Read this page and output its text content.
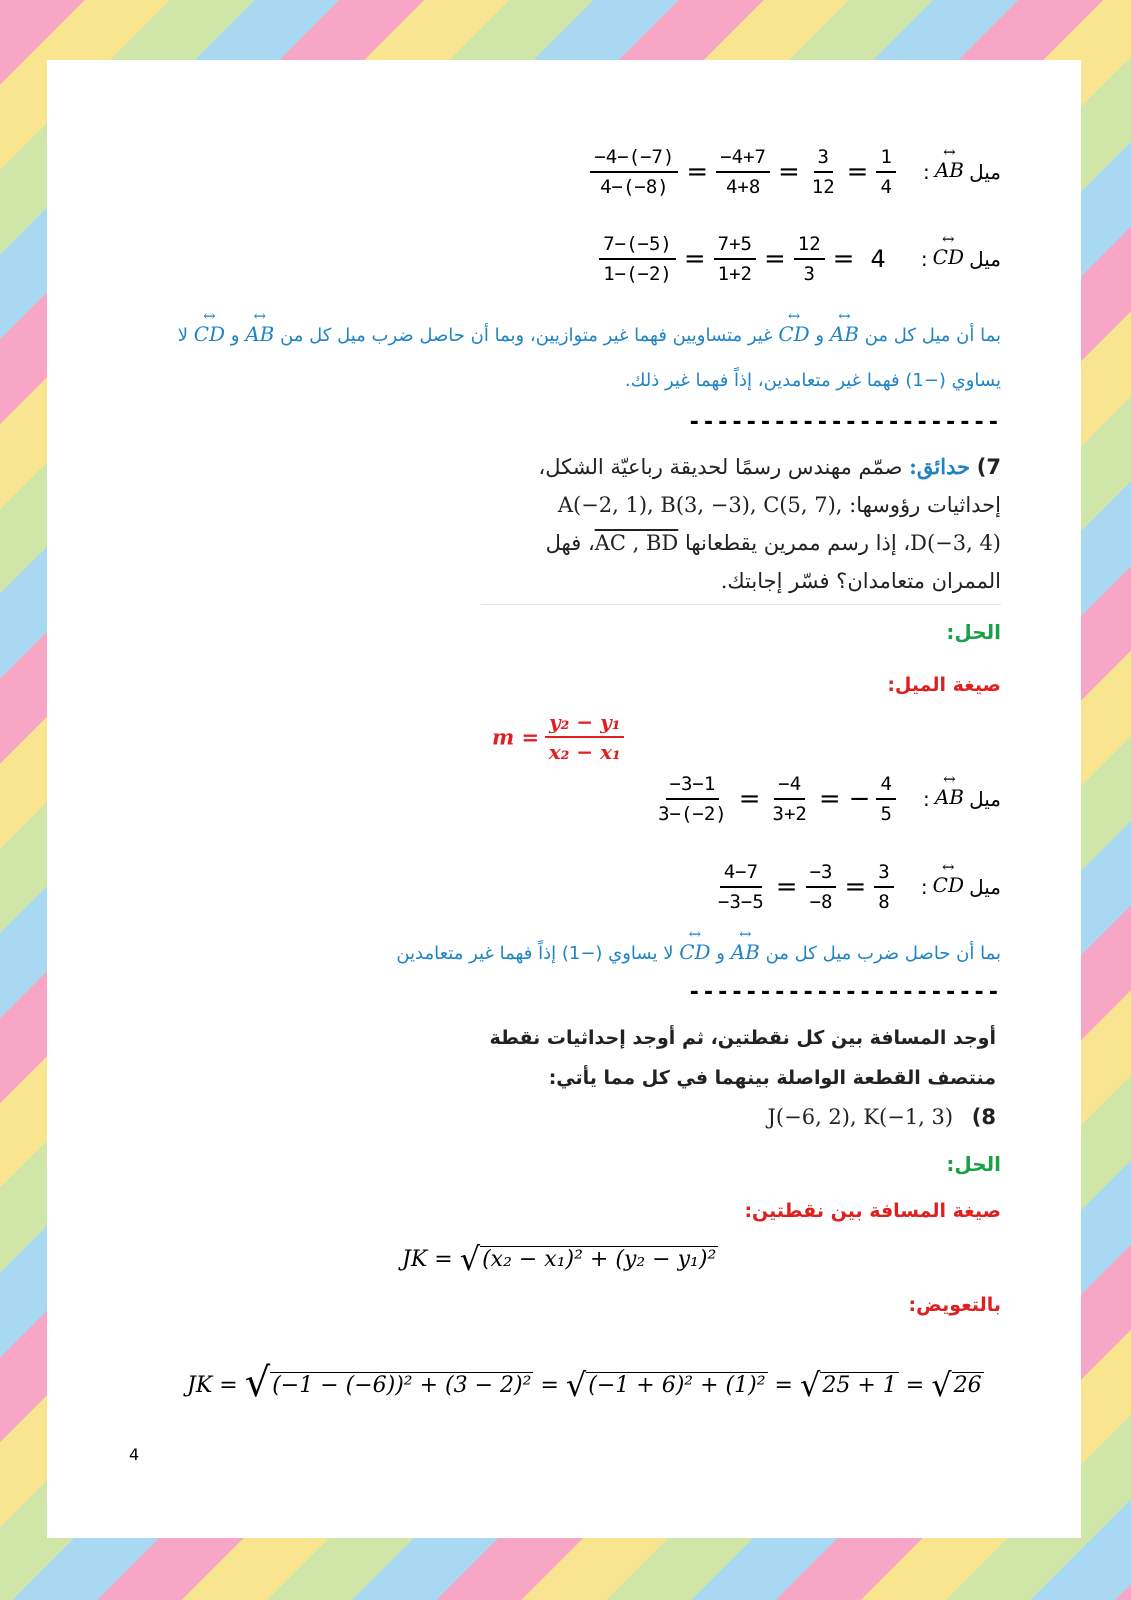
$\frac{-4-(-7)}{4-(-8)} = \frac{-4+7}{4+8} = \frac{3}{12} = \frac{1}{4}$ : ↔ AB ميل
$\frac{7-(-5)}{1-(-2)} = \frac{7+5}{1+2} = \frac{12}{3} = 4$ : ↔ CD ميل
بما أن ميل كل من ↔ AB و ↔ CD غير متساويين فهما غير متوازيين، وبما أن حاصل ضرب ميل كل من ↔ AB و ↔ CD لا
يساوي (−1) فهما غير متعامدين، إذاً فهما غير ذلك.
----------------------
7) حدائق: صمّم مهندس رسمًا لحديقة رباعيّة الشكل،
إحداثيات رؤوسها: A(−2, 1), B(3, −3), C(5, 7),
D(−3, 4)، إذا رسم ممرين يقطعانها AC , BD، فهل
الممران متعامدان؟ فسّر إجابتك.
الحل:
صيغة الميل:
$m = \frac{\text{y₂ − y₁}}{\text{x₂ − x₁}}$
$\frac{-3-1}{3-(-2)} = \frac{-4}{3+2}$ = − $\frac{4}{5}$ : ↔ AB ميل
$\frac{4-7}{-3-5} = \frac{-3}{-8} = \frac{3}{8}$ : ↔ CD ميل
بما أن حاصل ضرب ميل كل من ↔ AB و ↔ CD لا يساوي (−1) إذاً فهما غير متعامدين
----------------------
أوجد المسافة بين كل نقطتين، ثم أوجد إحداثيات نقطة
منتصف القطعة الواصلة بينهما في كل مما يأتي:
J(−6, 2), K(−1, 3) (8
الحل:
صيغة المسافة بين نقطتين:
JK = √(x₂ − x₁)² + (y₂ − y₁)²
بالتعويض:
JK = √(−1 − (−6))² + (3 − 2)² = √(−1 + 6)² + (1)² = √25 + 1 = √26
4
